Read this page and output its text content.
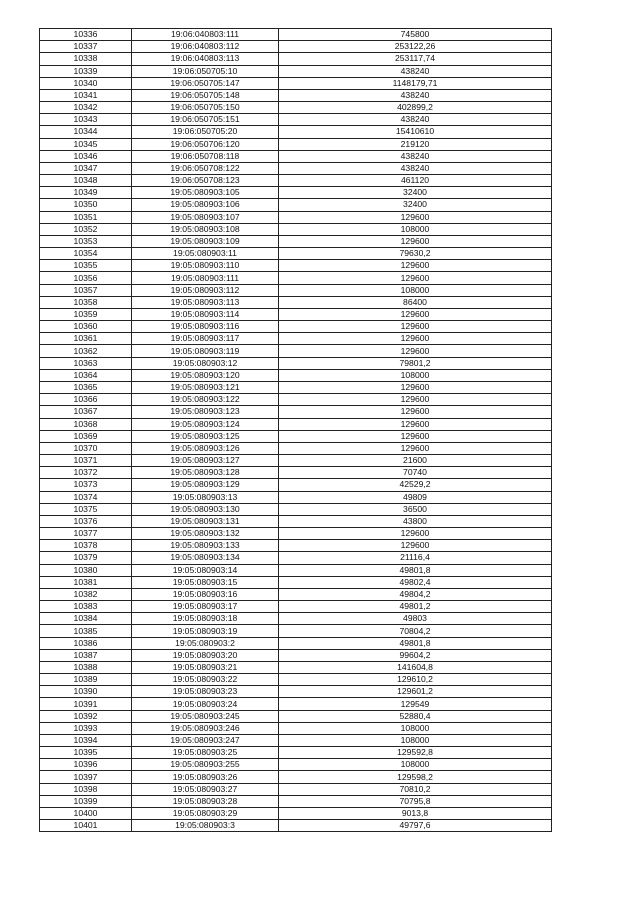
10336	19:06:040803:111	745800
10337	19:06:040803:112	253122,26
10338	19:06:040803:113	253117,74
10339	19:06:050705:10	438240
10340	19:06:050705:147	1148179,71
10341	19:06:050705:148	438240
10342	19:06:050705:150	402899,2
10343	19:06:050705:151	438240
10344	19:06:050705:20	15410610
10345	19:06:050706:120	219120
10346	19:06:050708:118	438240
10347	19:06:050708:122	438240
10348	19:06:050708:123	461120
10349	19:05:080903:105	32400
10350	19:05:080903:106	32400
10351	19:05:080903:107	129600
10352	19:05:080903:108	108000
10353	19:05:080903:109	129600
10354	19:05:080903:11	79630,2
10355	19:05:080903:110	129600
10356	19:05:080903:111	129600
10357	19:05:080903:112	108000
10358	19:05:080903:113	86400
10359	19:05:080903:114	129600
10360	19:05:080903:116	129600
10361	19:05:080903:117	129600
10362	19:05:080903:119	129600
10363	19:05:080903:12	79801,2
10364	19:05:080903:120	108000
10365	19:05:080903:121	129600
10366	19:05:080903:122	129600
10367	19:05:080903:123	129600
10368	19:05:080903:124	129600
10369	19:05:080903:125	129600
10370	19:05:080903:126	129600
10371	19:05:080903:127	21600
10372	19:05:080903:128	70740
10373	19:05:080903:129	42529,2
10374	19:05:080903:13	49809
10375	19:05:080903:130	36500
10376	19:05:080903:131	43800
10377	19:05:080903:132	129600
10378	19:05:080903:133	129600
10379	19:05:080903:134	21116,4
10380	19:05:080903:14	49801,8
10381	19:05:080903:15	49802,4
10382	19:05:080903:16	49804,2
10383	19:05:080903:17	49801,2
10384	19:05:080903:18	49803
10385	19:05:080903:19	70804,2
10386	19:05:080903:2	49801,8
10387	19:05:080903:20	99604,2
10388	19:05:080903:21	141604,8
10389	19:05:080903:22	129610,2
10390	19:05:080903:23	129601,2
10391	19:05:080903:24	129549
10392	19:05:080903:245	52880,4
10393	19:05:080903:246	108000
10394	19:05:080903:247	108000
10395	19:05:080903:25	129592,8
10396	19:05:080903:255	108000
10397	19:05:080903:26	129598,2
10398	19:05:080903:27	70810,2
10399	19:05:080903:28	70795,8
10400	19:05:080903:29	9013,8
10401	19:05:080903:3	49797,6
